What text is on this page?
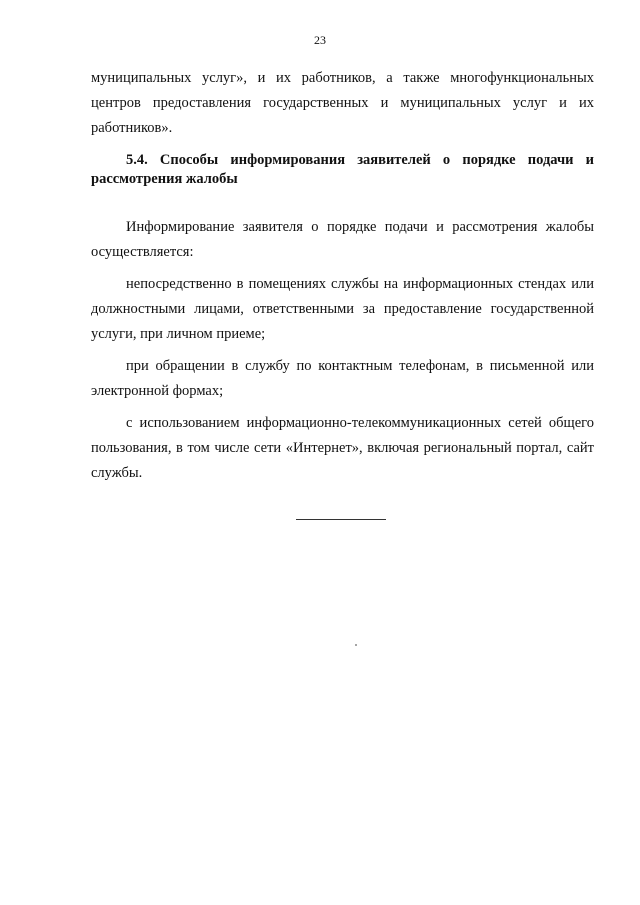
23

муниципальных услуг», и их работников, а также многофункциональных центров предоставления государственных и муниципальных услуг и их работников».

5.4. Способы информирования заявителей о порядке подачи и рассмотрения жалобы

Информирование заявителя о порядке подачи и рассмотрения жалобы осуществляется:

непосредственно в помещениях службы на информационных стендах или должностными лицами, ответственными за предоставление государственной услуги, при личном приеме;

при обращении в службу по контактным телефонам, в письменной или электронной формах;

с использованием информационно-телекоммуникационных сетей общего пользования, в том числе сети «Интернет», включая региональный портал, сайт службы.
